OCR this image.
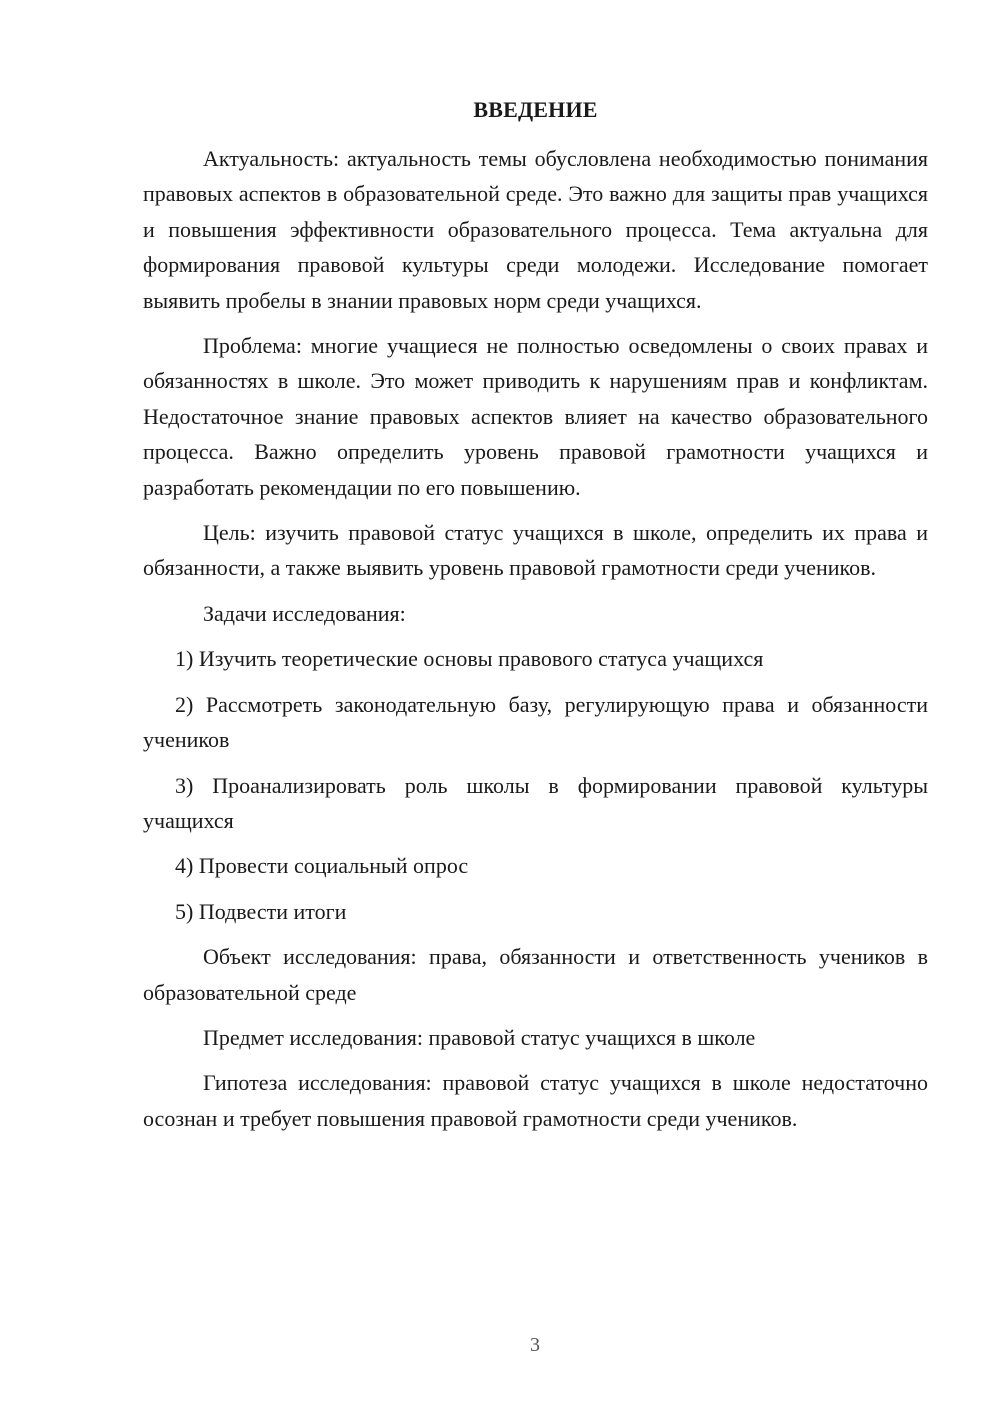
ВВЕДЕНИЕ

Актуальность: актуальность темы обусловлена необходимостью понимания правовых аспектов в образовательной среде. Это важно для защиты прав учащихся и повышения эффективности образовательного процесса. Тема актуальна для формирования правовой культуры среди молодежи. Исследование помогает выявить пробелы в знании правовых норм среди учащихся.

Проблема: многие учащиеся не полностью осведомлены о своих правах и обязанностях в школе. Это может приводить к нарушениям прав и конфликтам. Недостаточное знание правовых аспектов влияет на качество образовательного процесса. Важно определить уровень правовой грамотности учащихся и разработать рекомендации по его повышению.

Цель: изучить правовой статус учащихся в школе, определить их права и обязанности, а также выявить уровень правовой грамотности среди учеников.

Задачи исследования:

1) Изучить теоретические основы правового статуса учащихся

2) Рассмотреть законодательную базу, регулирующую права и обязанности учеников

3) Проанализировать роль школы в формировании правовой культуры учащихся

4) Провести социальный опрос

5) Подвести итоги

Объект исследования: права, обязанности и ответственность учеников в образовательной среде

Предмет исследования: правовой статус учащихся в школе

Гипотеза исследования: правовой статус учащихся в школе недостаточно осознан и требует повышения правовой грамотности среди учеников.

3
